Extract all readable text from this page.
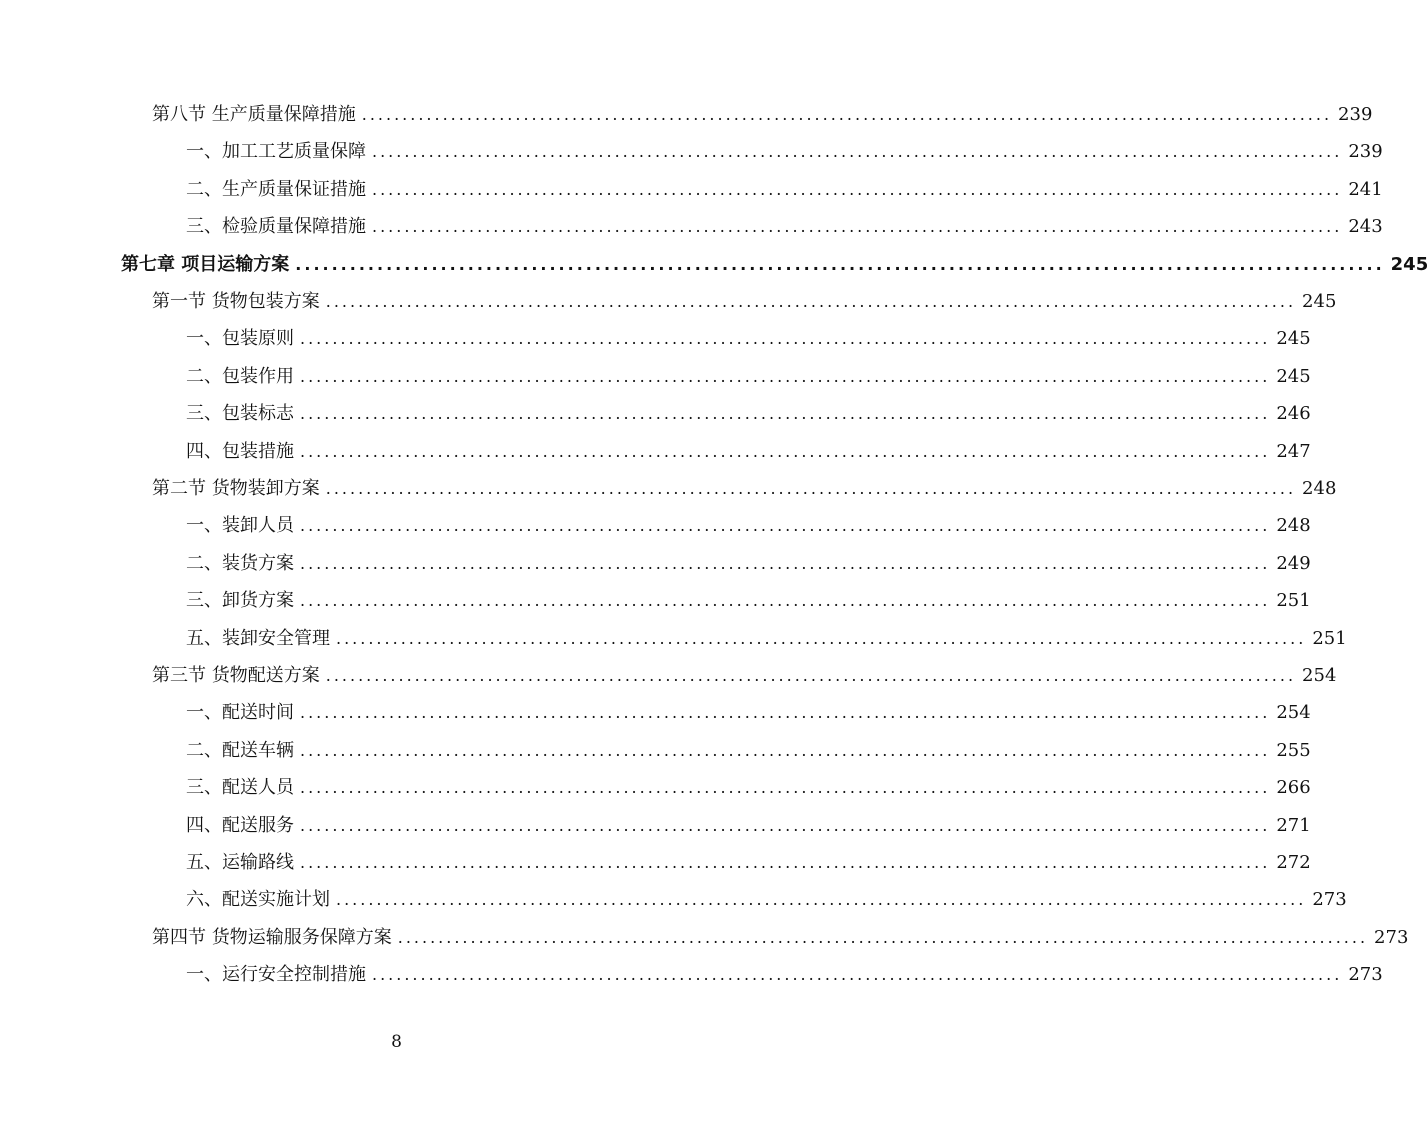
第八节 生产质量保障措施 ........................................................................................................................ 239
一、加工工艺质量保障 ........................................................................................................................ 239
二、生产质量保证措施 ........................................................................................................................ 241
三、检验质量保障措施 ........................................................................................................................ 243
第七章 项目运输方案 ........................................................................................................................ 245
第一节 货物包装方案 ........................................................................................................................ 245
一、包装原则 ........................................................................................................................ 245
二、包装作用 ........................................................................................................................ 245
三、包装标志 ........................................................................................................................ 246
四、包装措施 ........................................................................................................................ 247
第二节 货物装卸方案 ........................................................................................................................ 248
一、装卸人员 ........................................................................................................................ 248
二、装货方案 ........................................................................................................................ 249
三、卸货方案 ........................................................................................................................ 251
五、装卸安全管理 ........................................................................................................................ 251
第三节 货物配送方案 ........................................................................................................................ 254
一、配送时间 ........................................................................................................................ 254
二、配送车辆 ........................................................................................................................ 255
三、配送人员 ........................................................................................................................ 266
四、配送服务 ........................................................................................................................ 271
五、运输路线 ........................................................................................................................ 272
六、配送实施计划 ........................................................................................................................ 273
第四节 货物运输服务保障方案 ........................................................................................................................ 273
一、运行安全控制措施 ........................................................................................................................ 273
8
